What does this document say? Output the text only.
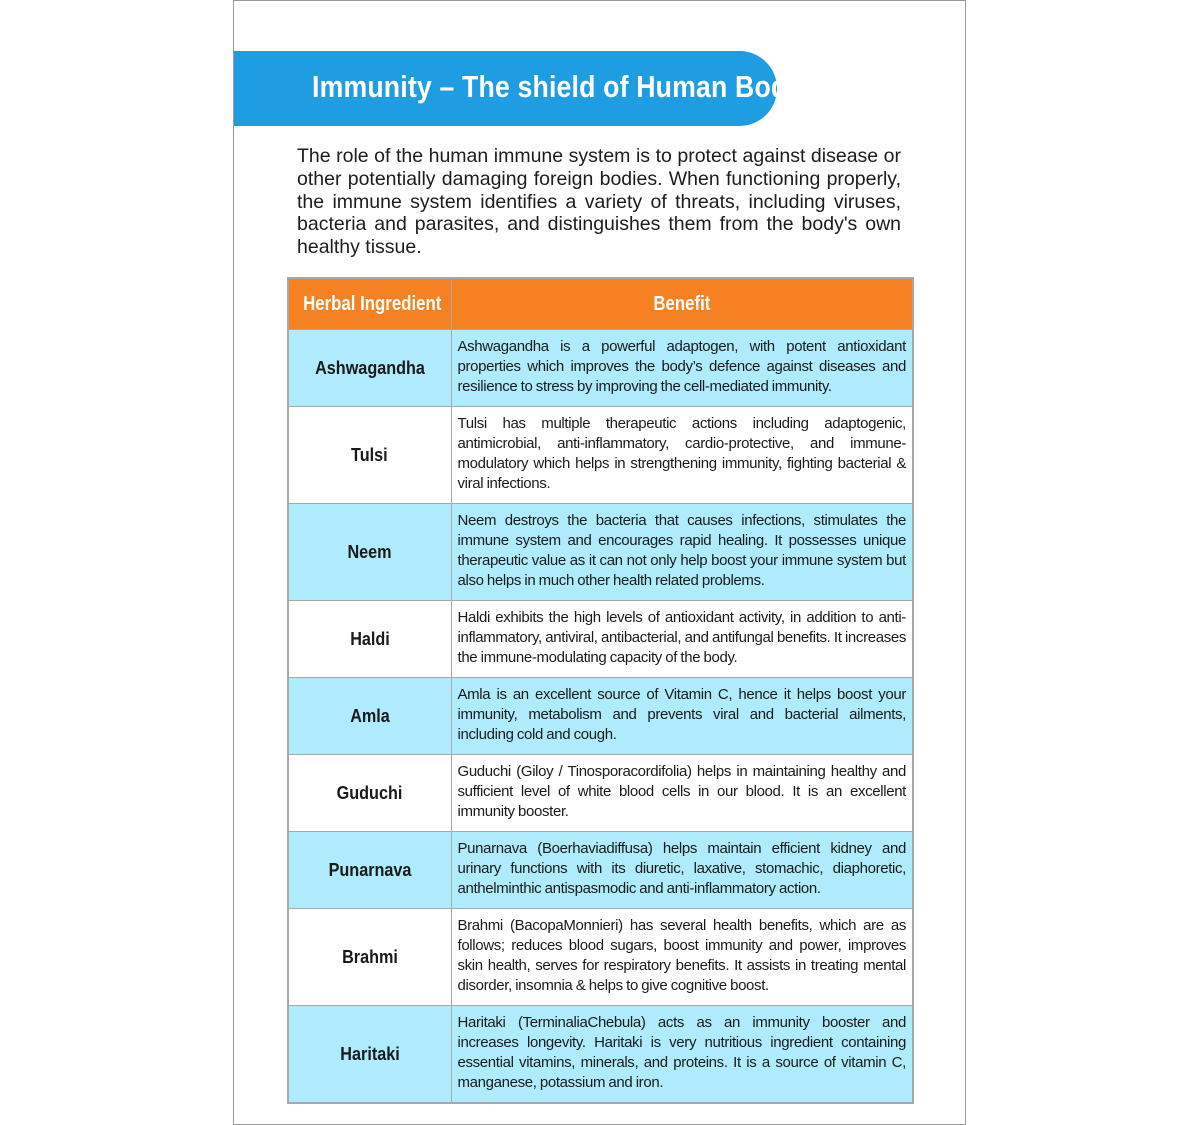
Immunity – The shield of Human Body

The role of the human immune system is to protect against disease or other potentially damaging foreign bodies. When functioning properly, the immune system identifies a variety of threats, including viruses, bacteria and parasites, and distinguishes them from the body's own healthy tissue.

Herbal Ingredient	Benefit
Ashwagandha	Ashwagandha is a powerful adaptogen, with potent antioxidant properties which improves the body’s defence against diseases and resilience to stress by improving the cell-mediated immunity.
Tulsi	Tulsi has multiple therapeutic actions including adaptogenic, antimicrobial, anti-inflammatory, cardio-protective, and immune-modulatory which helps in strengthening immunity, fighting bacterial & viral infections.
Neem	Neem destroys the bacteria that causes infections, stimulates the immune system and encourages rapid healing. It possesses unique therapeutic value as it can not only help boost your immune system but also helps in much other health related problems.
Haldi	Haldi exhibits the high levels of antioxidant activity, in addition to anti-inflammatory, antiviral, antibacterial, and antifungal benefits. It increases the immune-modulating capacity of the body.
Amla	Amla is an excellent source of Vitamin C, hence it helps boost your immunity, metabolism and prevents viral and bacterial ailments, including cold and cough.
Guduchi	Guduchi (Giloy / Tinosporacordifolia) helps in maintaining healthy and sufficient level of white blood cells in our blood. It is an excellent immunity booster.
Punarnava	Punarnava (Boerhaviadiffusa) helps maintain efficient kidney and urinary functions with its diuretic, laxative, stomachic, diaphoretic, anthelminthic antispasmodic and anti-inflammatory action.
Brahmi	Brahmi (BacopaMonnieri) has several health benefits, which are as follows; reduces blood sugars, boost immunity and power, improves skin health, serves for respiratory benefits. It assists in treating mental disorder, insomnia & helps to give cognitive boost.
Haritaki	Haritaki (TerminaliaChebula) acts as an immunity booster and increases longevity. Haritaki is very nutritious ingredient containing essential vitamins, minerals, and proteins. It is a source of vitamin C, manganese, potassium and iron.
